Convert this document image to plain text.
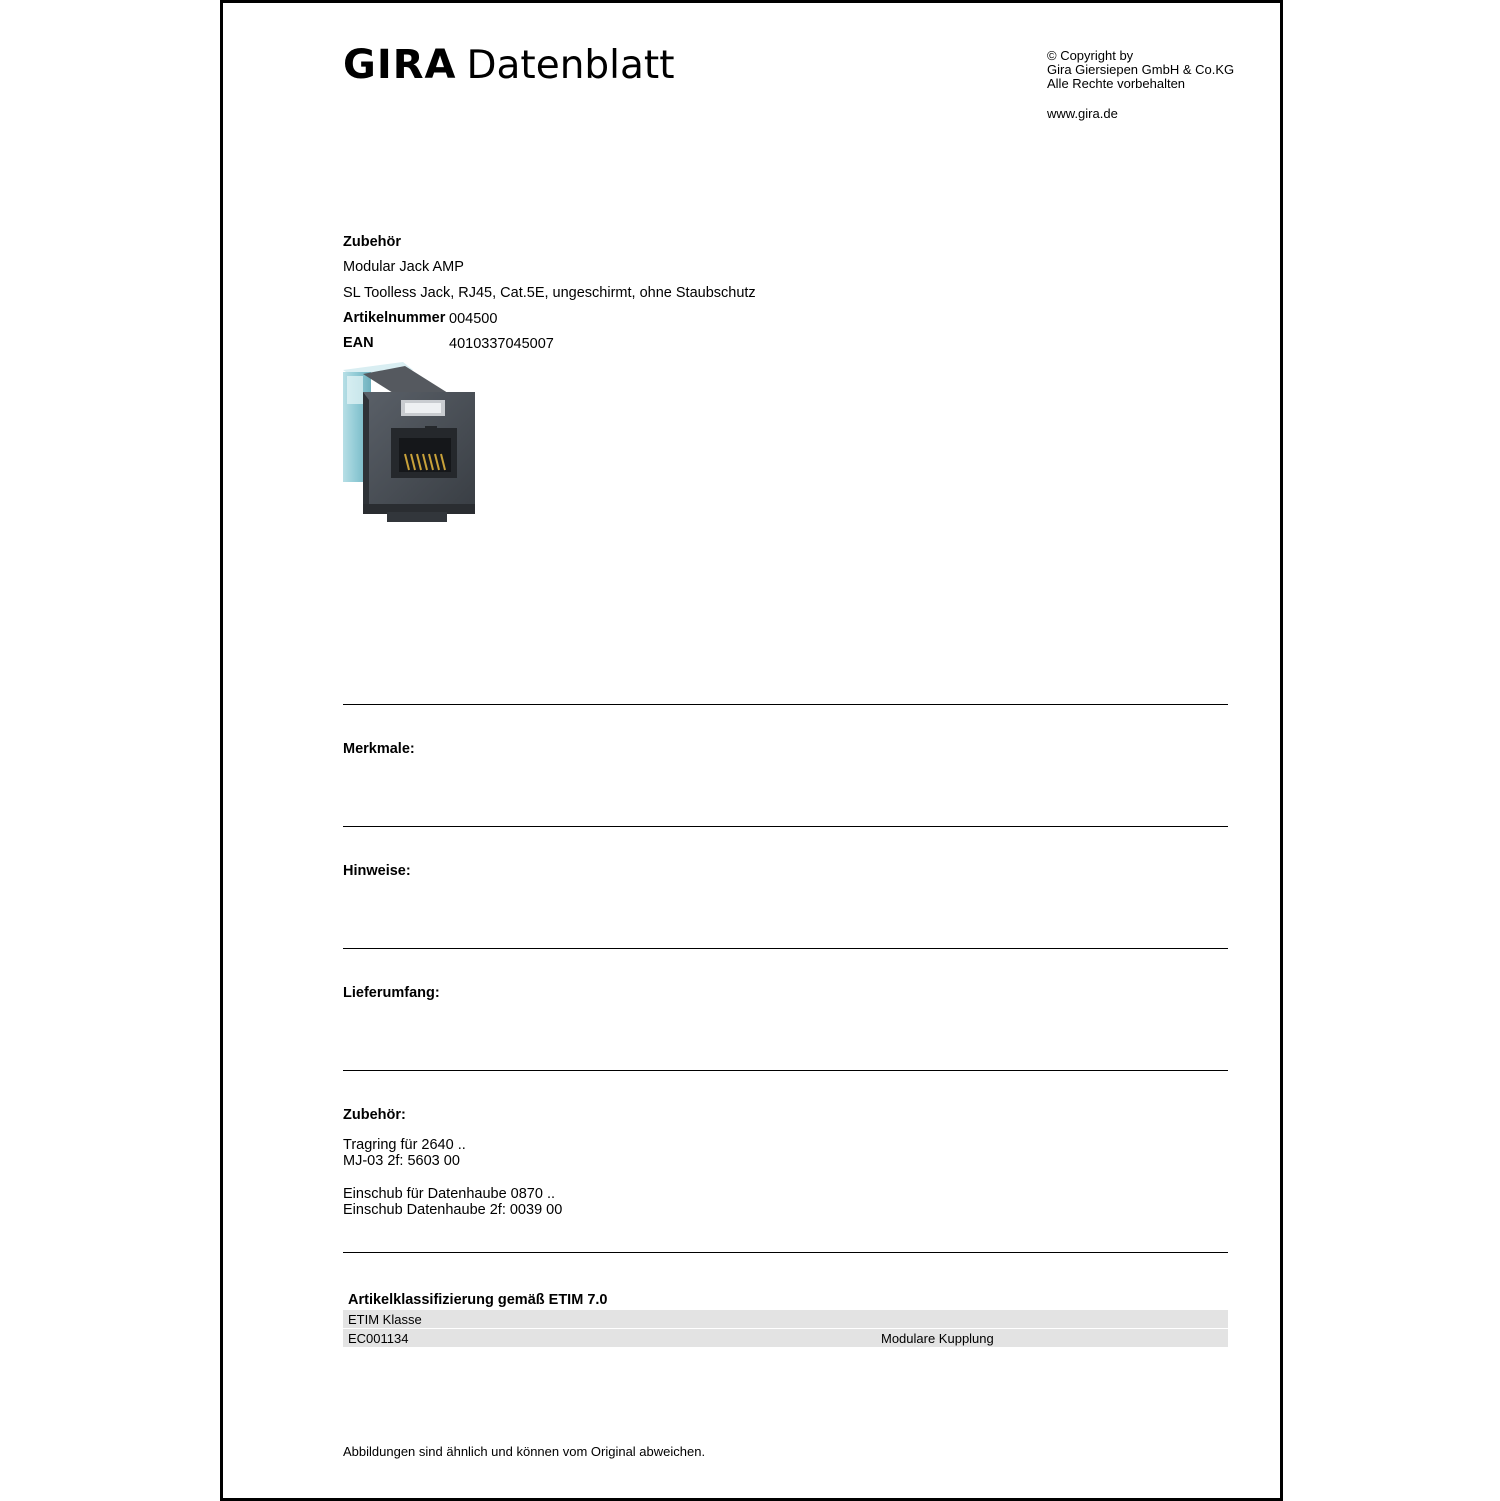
GIRA Datenblatt	© Copyright by
Gira Giersiepen GmbH & Co.KG
Alle Rechte vorbehalten
www.gira.de
Zubehör
Modular Jack AMP
SL Toolless Jack, RJ45, Cat.5E, ungeschirmt, ohne Staubschutz
Artikelnummer 004500
EAN	4010337045007
Merkmale:
Hinweise:
Lieferumfang:
Zubehör:
Tragring für 2640 ..
MJ-03 2f: 5603 00
Einschub für Datenhaube 0870 ..
Einschub Datenhaube 2f: 0039 00
Artikelklassifizierung gemäß ETIM 7.0
ETIM Klasse
EC001134	Modulare Kupplung
Abbildungen sind ähnlich und können vom Original abweichen.
